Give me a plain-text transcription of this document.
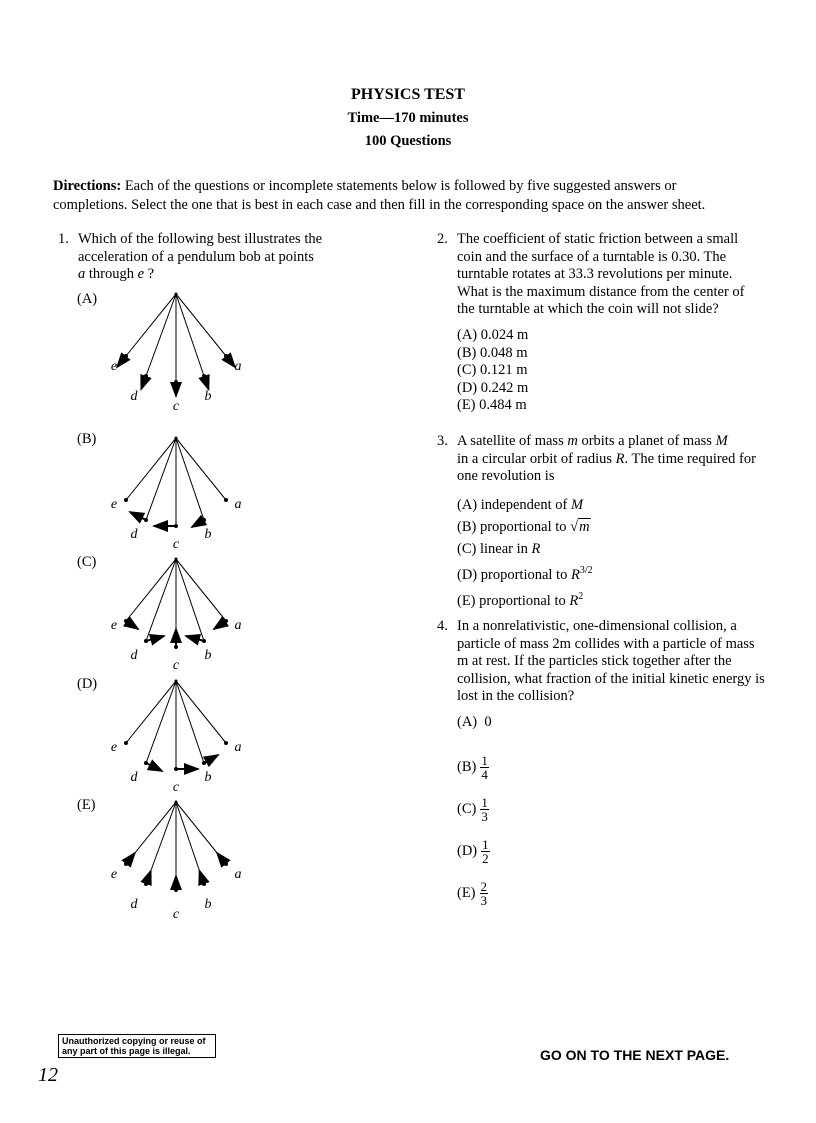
PHYSICS TEST
Time—170 minutes
100 Questions
Directions: Each of the questions or incomplete statements below is followed by five suggested answers or completions. Select the one that is best in each case and then fill in the corresponding space on the answer sheet.
1. Which of the following best illustrates the
acceleration of a pendulum bob at points
a through e ?
(A)
(B)
(C)
(D)
(E)
a
b
c
d
e
a
b
c
d
e
a
b
c
d
e
a
b
c
d
e
a
b
c
d
e
2. The coefficient of static friction between a small coin and the surface of a turntable is 0.30. The turntable rotates at 33.3 revolutions per minute. What is the maximum distance from the center of the turntable at which the coin will not slide?
(A) 0.024 m
(B) 0.048 m
(C) 0.121 m
(D) 0.242 m
(E) 0.484 m
3. A satellite of mass m orbits a planet of mass M
in a circular orbit of radius R. The time required for one revolution is
(A) independent of M
(B) proportional to √m
(C) linear in R
(D) proportional to $R^{3/2}$
(E) proportional to $R^2$
4. In a nonrelativistic, one-dimensional collision, a particle of mass 2m collides with a particle of mass m at rest. If the particles stick together after the collision, what fraction of the initial kinetic energy is lost in the collision?
(A) 0
$(B) \frac{1}{4}$
$(C) \frac{1}{3}$
$(D) \frac{1}{2}$
$(E) \frac{2}{3}$
Unauthorized copying or reuse of
any part of this page is illegal.	GO ON TO THE NEXT PAGE.
12
